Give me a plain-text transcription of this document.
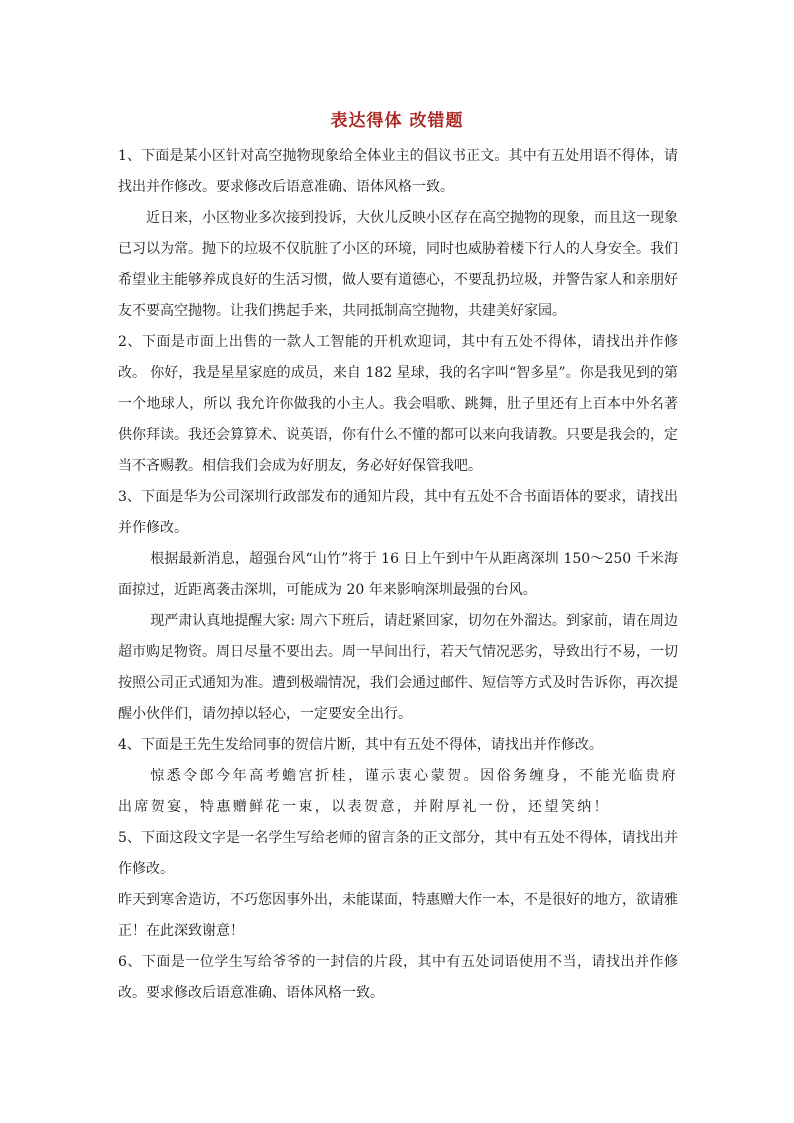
表达得体 改错题

1、下面是某小区针对高空抛物现象给全体业主的倡议书正文。其中有五处用语不得体，请找出并作修改。要求修改后语意准确、语体风格一致。

近日来，小区物业多次接到投诉，大伙儿反映小区存在高空抛物的现象，而且这一现象已习以为常。抛下的垃圾不仅肮脏了小区的环境，同时也威胁着楼下行人的人身安全。我们希望业主能够养成良好的生活习惯，做人要有道德心，不要乱扔垃圾，并警告家人和亲朋好友不要高空抛物。让我们携起手来，共同抵制高空抛物，共建美好家园。

2、下面是市面上出售的一款人工智能的开机欢迎词，其中有五处不得体，请找出并作修改。 你好，我是星星家庭的成员，来自 182 星球，我的名字叫“智多星”。你是我见到的第一个地球人，所以 我允许你做我的小主人。我会唱歌、跳舞，肚子里还有上百本中外名著供你拜读。我还会算算术、说英语，你有什么不懂的都可以来向我请教。只要是我会的，定当不吝赐教。相信我们会成为好朋友，务必好好保管我吧。

3、下面是华为公司深圳行政部发布的通知片段，其中有五处不合书面语体的要求，请找出并作修改。

根据最新消息，超强台风“山竹”将于 16 日上午到中午从距离深圳 150～250 千米海面掠过，近距离袭击深圳，可能成为 20 年来影响深圳最强的台风。

现严肃认真地提醒大家: 周六下班后，请赶紧回家，切勿在外溜达。到家前，请在周边超市购足物资。周日尽量不要出去。周一早间出行，若天气情况恶劣，导致出行不易，一切按照公司正式通知为准。遭到极端情况，我们会通过邮件、短信等方式及时告诉你，再次提醒小伙伴们，请勿掉以轻心，一定要安全出行。

4、下面是王先生发给同事的贺信片断，其中有五处不得体，请找出并作修改。

惊悉令郎今年高考蟾宫折桂，谨示衷心蒙贺。因俗务缠身，不能光临贵府出席贺宴，特惠赠鲜花一束，以表贺意，并附厚礼一份，还望笑纳！

5、下面这段文字是一名学生写给老师的留言条的正文部分，其中有五处不得体，请找出并作修改。

昨天到寒舍造访，不巧您因事外出，未能谋面，特惠赠大作一本，不是很好的地方，欲请雅正！在此深致谢意！

6、下面是一位学生写给爷爷的一封信的片段，其中有五处词语使用不当，请找出并作修改。要求修改后语意准确、语体风格一致。
